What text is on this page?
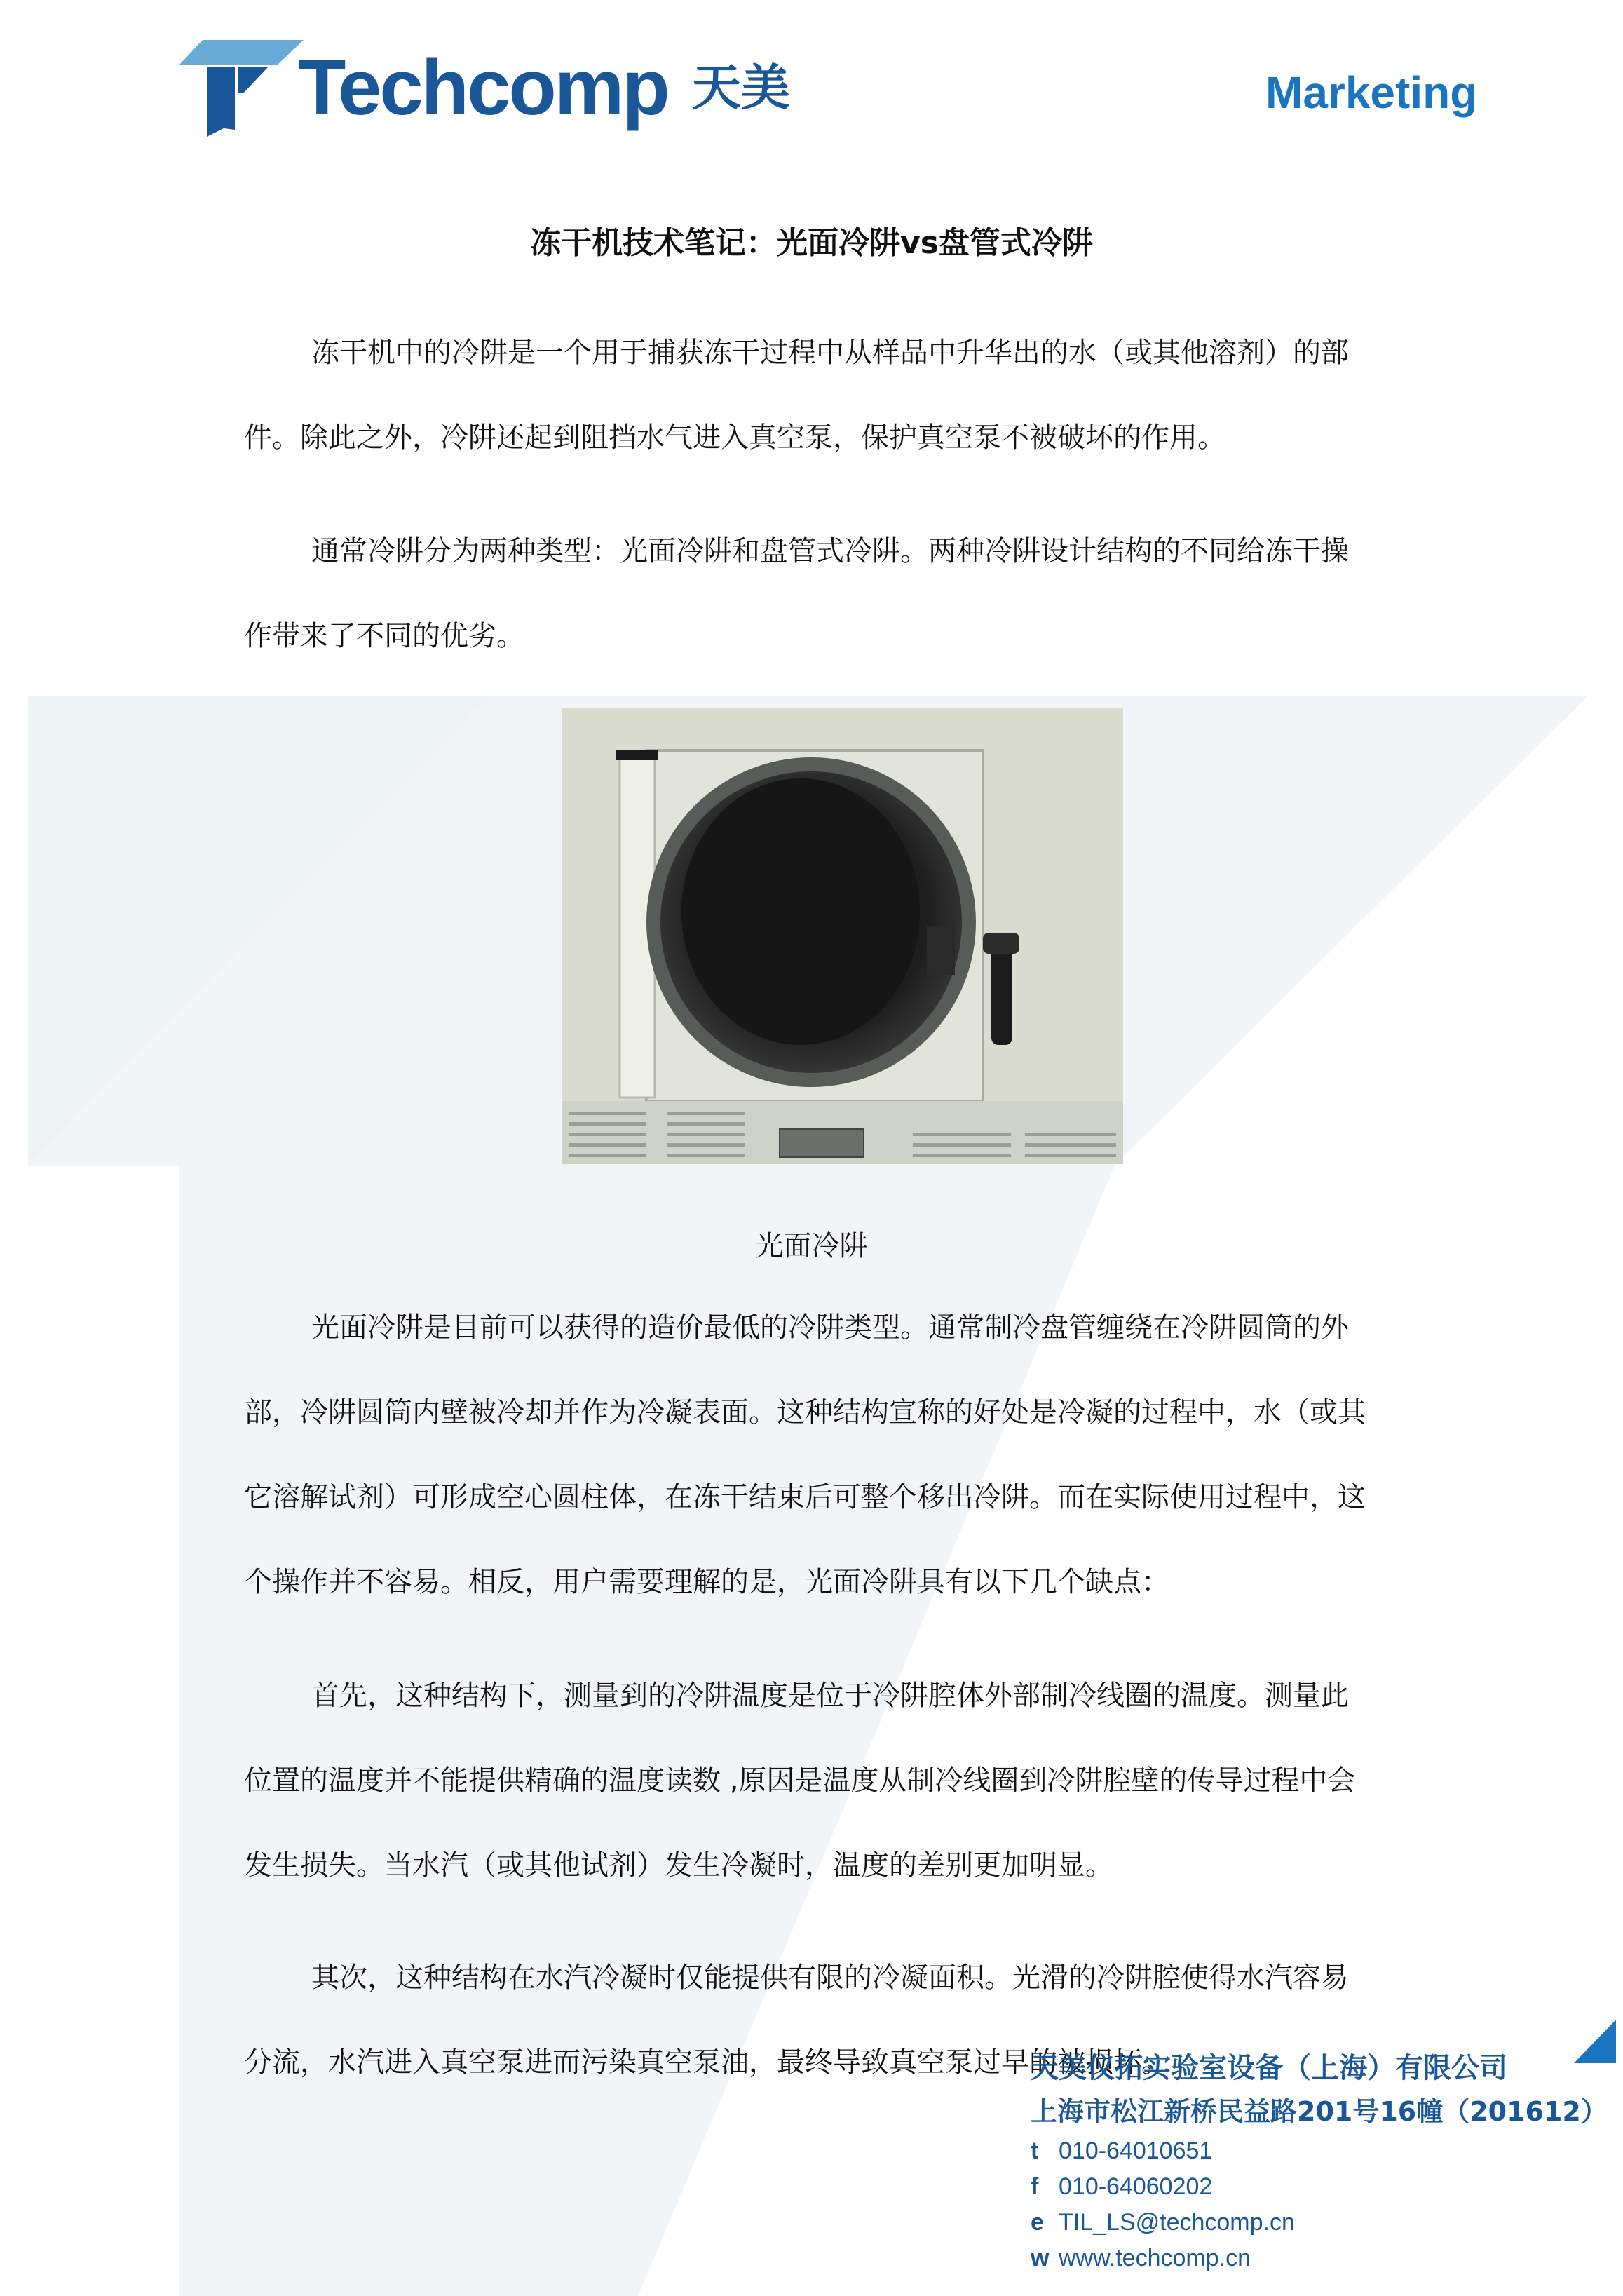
Techcomp 天美	Marketing
冻干机技术笔记：光面冷阱vs盘管式冷阱

冻干机中的冷阱是一个用于捕获冻干过程中从样品中升华出的水（或其他溶剂）的部
件。除此之外，冷阱还起到阻挡水气进入真空泵，保护真空泵不被破坏的作用。

通常冷阱分为两种类型：光面冷阱和盘管式冷阱。两种冷阱设计结构的不同给冻干操
作带来了不同的优劣。

光面冷阱

光面冷阱是目前可以获得的造价最低的冷阱类型。通常制冷盘管缠绕在冷阱圆筒的外
部，冷阱圆筒内壁被冷却并作为冷凝表面。这种结构宣称的好处是冷凝的过程中，水（或其
它溶解试剂）可形成空心圆柱体，在冻干结束后可整个移出冷阱。而在实际使用过程中，这
个操作并不容易。相反，用户需要理解的是，光面冷阱具有以下几个缺点：

首先，这种结构下，测量到的冷阱温度是位于冷阱腔体外部制冷线圈的温度。测量此
位置的温度并不能提供精确的温度读数 ,原因是温度从制冷线圈到冷阱腔壁的传导过程中会
发生损失。当水汽（或其他试剂）发生冷凝时，温度的差别更加明显。

其次，这种结构在水汽冷凝时仅能提供有限的冷凝面积。光滑的冷阱腔使得水汽容易
分流，水汽进入真空泵进而污染真空泵油，最终导致真空泵过早的被损坏。

天美仪拓实验室设备（上海）有限公司
上海市松江新桥民益路201号16幢（201612）
t 010-64010651
f 010-64060202
e TIL_LS@techcomp.cn
w www.techcomp.cn
